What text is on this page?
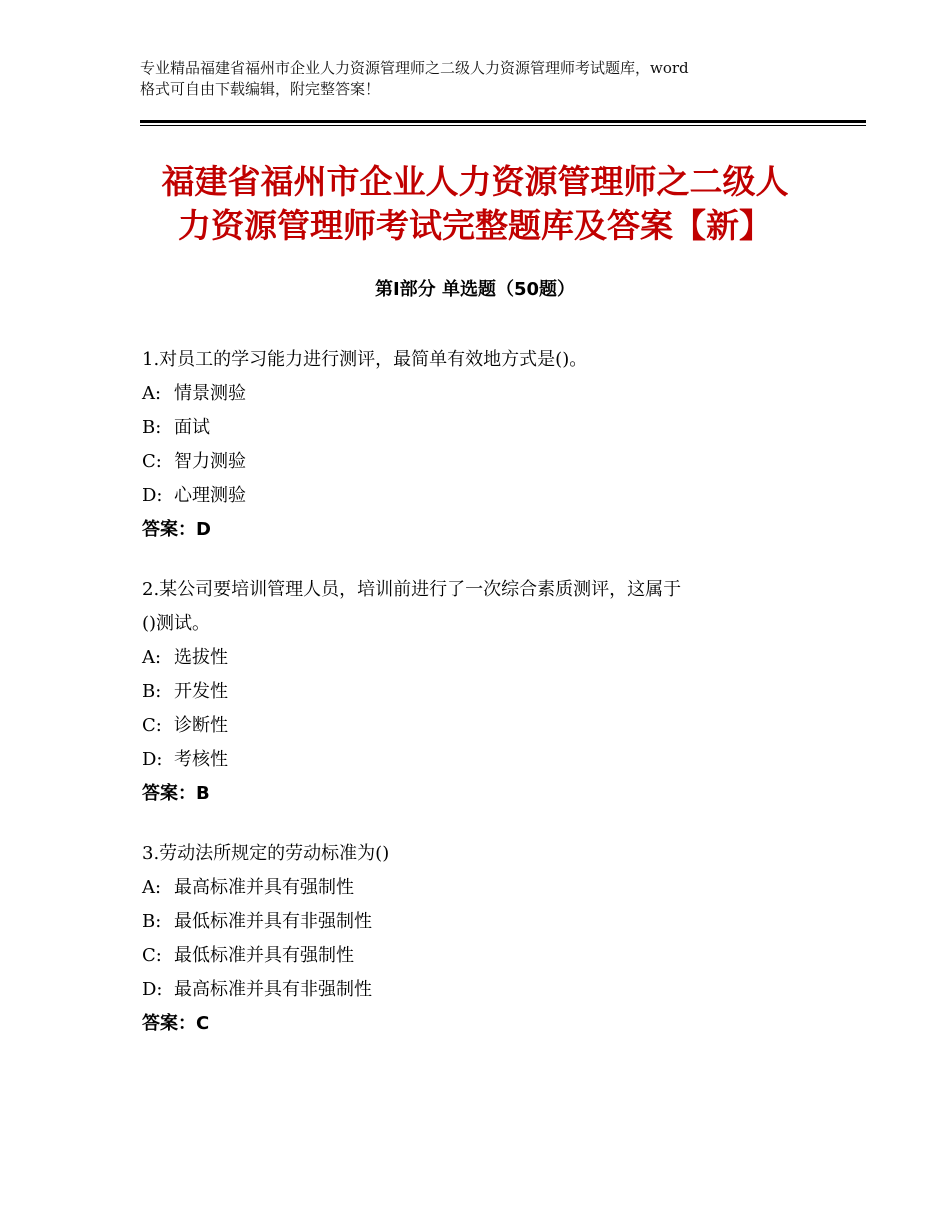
专业精品福建省福州市企业人力资源管理师之二级人力资源管理师考试题库，word
格式可自由下载编辑，附完整答案！
福建省福州市企业人力资源管理师之二级人
力资源管理师考试完整题库及答案【新】
第Ⅰ部分 单选题（50题）
1.对员工的学习能力进行测评，最简单有效地方式是()。
A: 情景测验
B: 面试
C: 智力测验
D: 心理测验
答案：D
2.某公司要培训管理人员，培训前进行了一次综合素质测评，这属于
()测试。
A: 选拔性
B: 开发性
C: 诊断性
D: 考核性
答案：B
3.劳动法所规定的劳动标准为()
A: 最高标准并具有强制性
B: 最低标准并具有非强制性
C: 最低标准并具有强制性
D: 最高标准并具有非强制性
答案：C
